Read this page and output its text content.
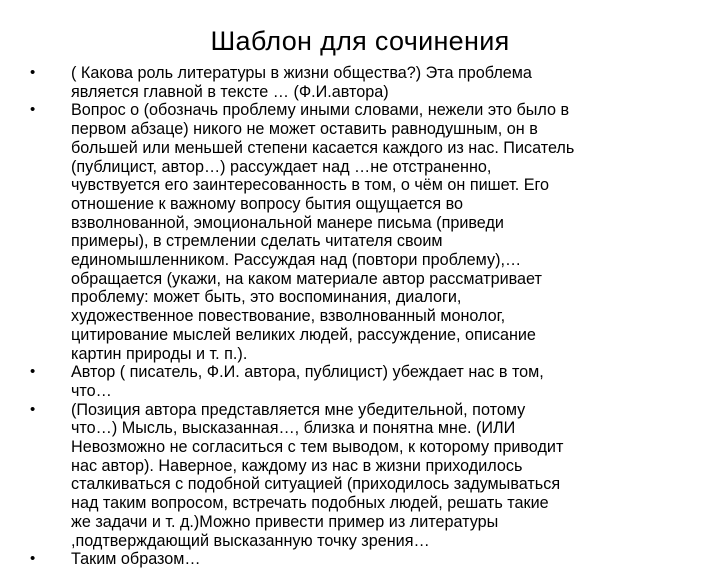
Шаблон для сочинения
•	( Какова роль литературы в жизни общества?) Эта проблема
является главной в тексте … (Ф.И.автора)
•	Вопрос о (обозначь проблему иными словами, нежели это было в
первом абзаце) никого не может оставить равнодушным, он в
большей или меньшей степени касается каждого из нас. Писатель
(публицист, автор…) рассуждает над …не отстраненно,
чувствуется его заинтересованность в том, о чём он пишет. Его
отношение к важному вопросу бытия ощущается во
взволнованной, эмоциональной манере письма (приведи
примеры), в стремлении сделать читателя своим
единомышленником. Рассуждая над (повтори проблему),…
обращается (укажи, на каком материале автор рассматривает
проблему: может быть, это воспоминания, диалоги,
художественное повествование, взволнованный монолог,
цитирование мыслей великих людей, рассуждение, описание
картин природы и т. п.).
•	Автор ( писатель, Ф.И. автора, публицист) убеждает нас в том,
что…
•	(Позиция автора представляется мне убедительной, потому
что…) Мысль, высказанная…, близка и понятна мне. (ИЛИ
Невозможно не согласиться с тем выводом, к которому приводит
нас автор). Наверное, каждому из нас в жизни приходилось
сталкиваться с подобной ситуацией (приходилось задумываться
над таким вопросом, встречать подобных людей, решать такие
же задачи и т. д.)Можно привести пример из литературы
,подтверждающий высказанную точку зрения…
•	Таким образом…
